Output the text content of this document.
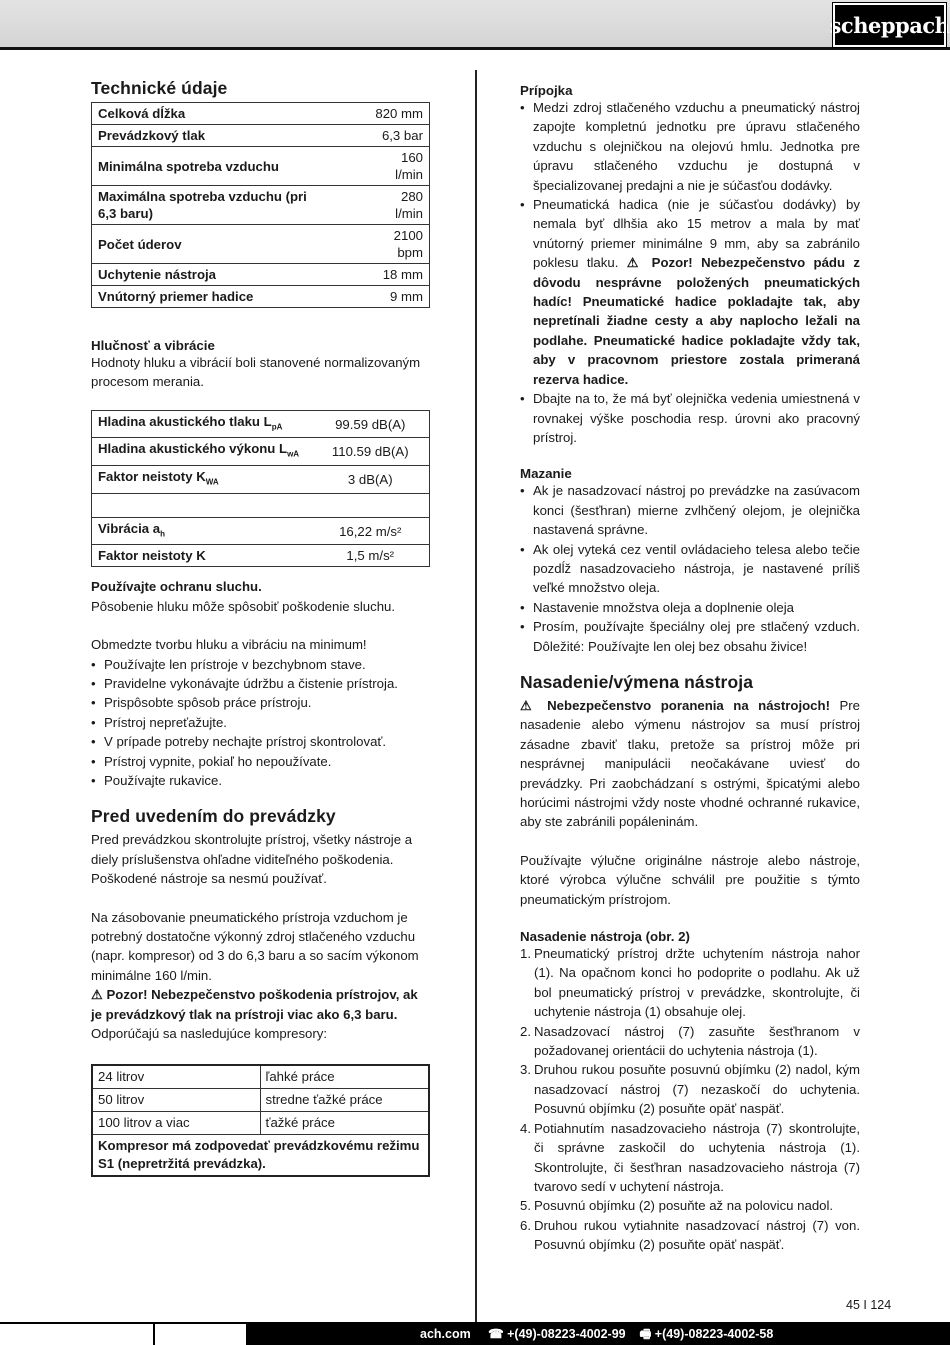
scheppach
Technické údaje
Celková dĺžka	820 mm
Prevádzkový tlak	6,3 bar
Minimálna spotreba vzduchu	160 l/min
Maximálna spotreba vzduchu (pri 6,3 baru)	280 l/min
Počet úderov	2100 bpm
Uchytenie nástroja	18 mm
Vnútorný priemer hadice	9 mm
Hlučnosť a vibrácie

Hodnoty hluku a vibrácií boli stanovené normalizovaným procesom merania.

Hladina akustického tlaku $L_{pA}$	99.59 dB(A)
Hladina akustického výkonu $L_{wA}$	110.59 dB(A)
Faktor neistoty $K_{WA}$	3 dB(A)

Vibrácia $a_h$	16,22 m/s²
Faktor neistoty K	1,5 m/s²

Používajte ochranu sluchu.

Pôsobenie hluku môže spôsobiť poškodenie sluchu.

Obmedzte tvorbu hluku a vibráciu na minimum!

• Používajte len prístroje v bezchybnom stave.
• Pravidelne vykonávajte údržbu a čistenie prístroja.
• Prispôsobte spôsob práce prístroju.
• Prístroj nepreťažujte.
• V prípade potreby nechajte prístroj skontrolovať.
• Prístroj vypnite, pokiaľ ho nepoužívate.
• Používajte rukavice.
Pred uvedením do prevádzky

Pred prevádzkou skontrolujte prístroj, všetky nástroje a diely príslušenstva ohľadne viditeľného poškodenia. Poškodené nástroje sa nesmú používať.

Na zásobovanie pneumatického prístroja vzduchom je potrebný dostatočne výkonný zdroj stlačeného vzduchu (napr. kompresor) od 3 do 6,3 baru a so sacím výkonom minimálne 160 l/min.

⚠ Pozor! Nebezpečenstvo poškodenia prístrojov, ak je prevádzkový tlak na prístroji viac ako 6,3 baru.

Odporúčajú sa nasledujúce kompresory:

24 litrov	ľahké práce
50 litrov	stredne ťažké práce
100 litrov a viac	ťažké práce
Kompresor má zodpovedať prevádzkovému režimu S1 (nepretržitá prevádzka).	
Prípojka
• Medzi zdroj stlačeného vzduchu a pneumatický nástroj zapojte kompletnú jednotku pre úpravu stlačeného vzduchu s olejničkou na olejovú hmlu. Jednotka pre úpravu stlačeného vzduchu je dostupná v špecializovanej predajni a nie je súčasťou dodávky.
• Pneumatická hadica (nie je súčasťou dodávky) by nemala byť dlhšia ako 15 metrov a mala by mať vnútorný priemer minimálne 9 mm, aby sa zabránilo poklesu tlaku. ⚠ Pozor! Nebezpečenstvo pádu z dôvodu nesprávne položených pneumatických hadíc! Pneumatické hadice pokladajte tak, aby nepretínali žiadne cesty a aby naplocho ležali na podlahe. Pneumatické hadice pokladajte vždy tak, aby v pracovnom priestore zostala primeraná rezerva hadice.
• Dbajte na to, že má byť olejnička vedenia umiestnená v rovnakej výške poschodia resp. úrovni ako pracovný prístroj.
Mazanie
• Ak je nasadzovací nástroj po prevádzke na zasúvacom konci (šesťhran) mierne zvlhčený olejom, je olejnička nastavená správne.
• Ak olej vyteká cez ventil ovládacieho telesa alebo tečie pozdĺž nasadzovacieho nástroja, je nastavené príliš veľké množstvo oleja.
• Nastavenie množstva oleja a doplnenie oleja
• Prosím, používajte špeciálny olej pre stlačený vzduch. Dôležité: Používajte len olej bez obsahu živice!
Nasadenie/výmena nástroja

⚠ Nebezpečenstvo poranenia na nástrojoch! Pre nasadenie alebo výmenu nástrojov sa musí prístroj zásadne zbaviť tlaku, pretože sa prístroj môže pri nesprávnej manipulácii neočakávane uviesť do prevádzky. Pri zaobchádzaní s ostrými, špicatými alebo horúcimi nástrojmi vždy noste vhodné ochranné rukavice, aby ste zabránili popáleninám.

Používajte výlučne originálne nástroje alebo nástroje, ktoré výrobca výlučne schválil pre použitie s týmto pneumatickým prístrojom.

Nasadenie nástroja (obr. 2)
1. Pneumatický prístroj držte uchytením nástroja nahor (1). Na opačnom konci ho podoprite o podlahu. Ak už bol pneumatický prístroj v prevádzke, skontrolujte, či uchytenie nástroja (1) obsahuje olej.
2. Nasadzovací nástroj (7) zasuňte šesťhranom v požadovanej orientácii do uchytenia nástroja (1).
3. Druhou rukou posuňte posuvnú objímku (2) nadol, kým nasadzovací nástroj (7) nezaskočí do uchytenia. Posuvnú objímku (2) posuňte opäť naspäť.
4. Potiahnutím nasadzovacieho nástroja (7) skontrolujte, či správne zaskočil do uchytenia nástroja (1). Skontrolujte, či šesťhran nasadzovacieho nástroja (7) tvarovo sedí v uchytení nástroja.
5. Posuvnú objímku (2) posuňte až na polovicu nadol.
6. Druhou rukou vytiahnite nasadzovací nástroj (7) von. Posuvnú objímku (2) posuňte opäť naspäť.
45 I 124
ach.com ☎ +(49)-08223-4002-99 🖷 +(49)-08223-4002-58
